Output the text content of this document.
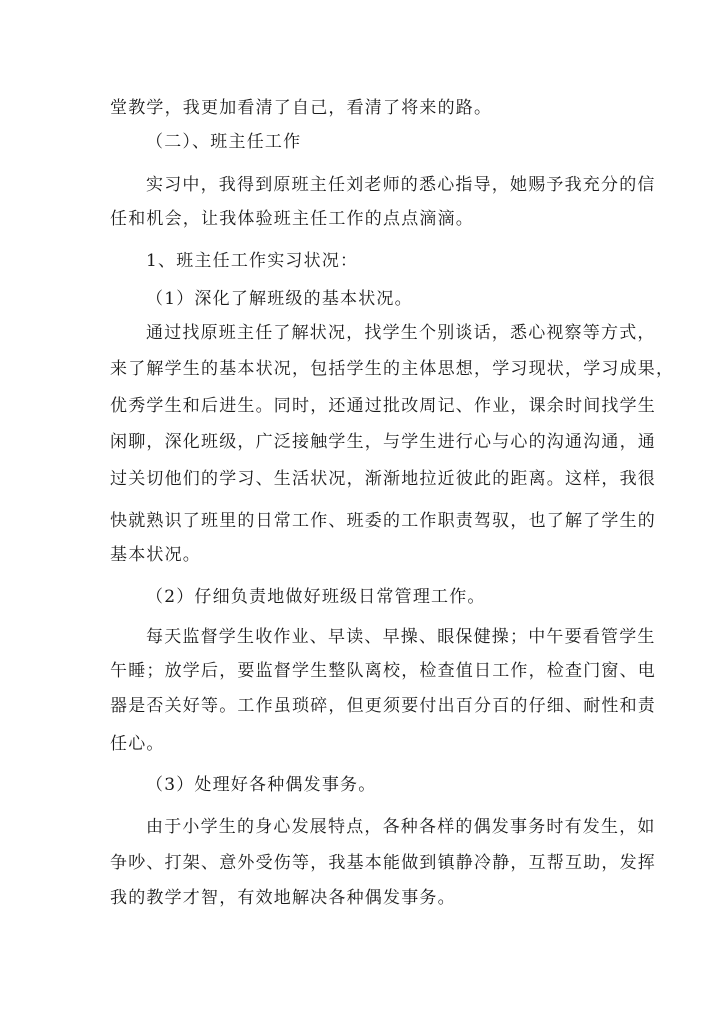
堂教学，我更加看清了自己，看清了将来的路。

（二）、班主任工作

实习中，我得到原班主任刘老师的悉心指导，她赐予我充分的信

任和机会，让我体验班主任工作的点点滴滴。

1、班主任工作实习状况：

（1）深化了解班级的基本状况。

通过找原班主任了解状况，找学生个别谈话，悉心视察等方式，

来了解学生的基本状况，包括学生的主体思想，学习现状，学习成果，

优秀学生和后进生。同时，还通过批改周记、作业，课余时间找学生

闲聊，深化班级，广泛接触学生，与学生进行心与心的沟通沟通，通

过关切他们的学习、生活状况，渐渐地拉近彼此的距离。这样，我很

快就熟识了班里的日常工作、班委的工作职责驾驭，也了解了学生的

基本状况。

（2）仔细负责地做好班级日常管理工作。

每天监督学生收作业、早读、早操、眼保健操；中午要看管学生

午睡；放学后，要监督学生整队离校，检查值日工作，检查门窗、电

器是否关好等。工作虽琐碎，但更须要付出百分百的仔细、耐性和责

任心。

（3）处理好各种偶发事务。

由于小学生的身心发展特点，各种各样的偶发事务时有发生，如

争吵、打架、意外受伤等，我基本能做到镇静冷静，互帮互助，发挥

我的教学才智，有效地解决各种偶发事务。
